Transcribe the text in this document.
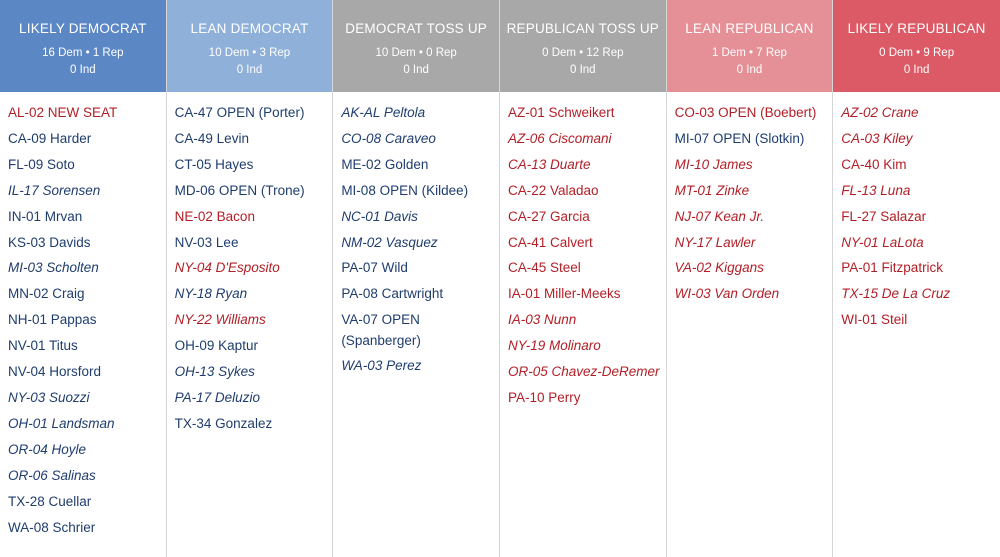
LIKELY DEMOCRAT
16 Dem • 1 Rep
0 Ind
AL-02 NEW SEAT
CA-09 Harder
FL-09 Soto
IL-17 Sorensen
IN-01 Mrvan
KS-03 Davids
MI-03 Scholten
MN-02 Craig
NH-01 Pappas
NV-01 Titus
NV-04 Horsford
NY-03 Suozzi
OH-01 Landsman
OR-04 Hoyle
OR-06 Salinas
TX-28 Cuellar
WA-08 Schrier
LEAN DEMOCRAT
10 Dem • 3 Rep
0 Ind
CA-47 OPEN (Porter)
CA-49 Levin
CT-05 Hayes
MD-06 OPEN (Trone)
NE-02 Bacon
NV-03 Lee
NY-04 D'Esposito
NY-18 Ryan
NY-22 Williams
OH-09 Kaptur
OH-13 Sykes
PA-17 Deluzio
TX-34 Gonzalez
DEMOCRAT TOSS UP
10 Dem • 0 Rep
0 Ind
AK-AL Peltola
CO-08 Caraveo
ME-02 Golden
MI-08 OPEN (Kildee)
NC-01 Davis
NM-02 Vasquez
PA-07 Wild
PA-08 Cartwright
VA-07 OPEN (Spanberger)
WA-03 Perez
REPUBLICAN TOSS UP
0 Dem • 12 Rep
0 Ind
AZ-01 Schweikert
AZ-06 Ciscomani
CA-13 Duarte
CA-22 Valadao
CA-27 Garcia
CA-41 Calvert
CA-45 Steel
IA-01 Miller-Meeks
IA-03 Nunn
NY-19 Molinaro
OR-05 Chavez-DeRemer
PA-10 Perry
LEAN REPUBLICAN
1 Dem • 7 Rep
0 Ind
CO-03 OPEN (Boebert)
MI-07 OPEN (Slotkin)
MI-10 James
MT-01 Zinke
NJ-07 Kean Jr.
NY-17 Lawler
VA-02 Kiggans
WI-03 Van Orden
LIKELY REPUBLICAN
0 Dem • 9 Rep
0 Ind
AZ-02 Crane
CA-03 Kiley
CA-40 Kim
FL-13 Luna
FL-27 Salazar
NY-01 LaLota
PA-01 Fitzpatrick
TX-15 De La Cruz
WI-01 Steil
